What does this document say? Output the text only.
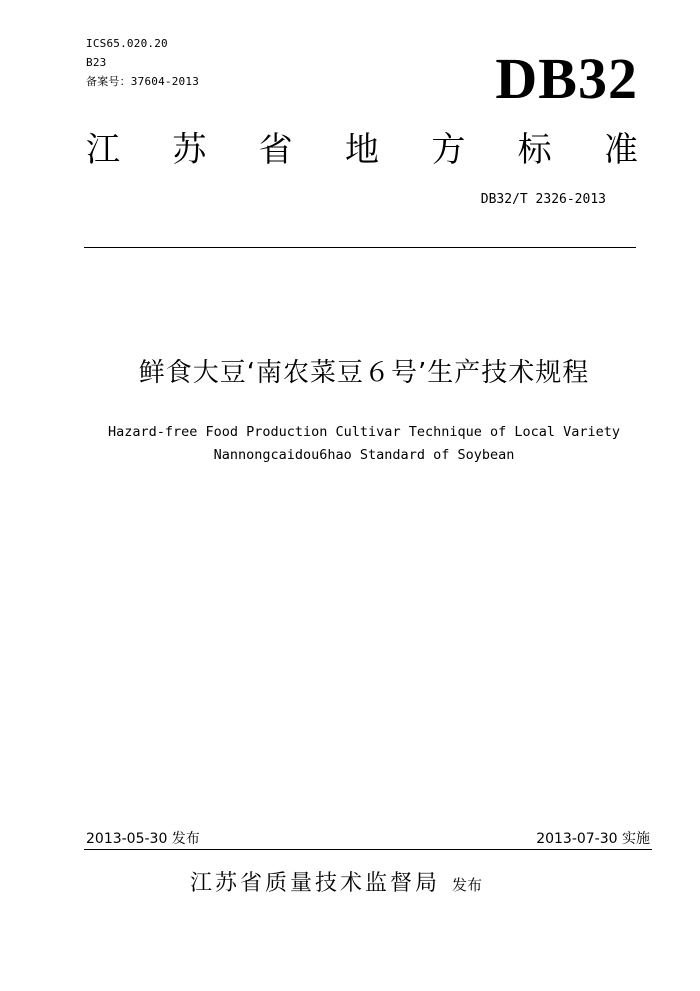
ICS65.020.20
B23
备案号：37604-2013	DB32
江 苏 省 地 方 标 准
DB32/T 2326-2013
鲜食大豆‘南农菜豆６号’生产技术规程
Hazard-free Food Production Cultivar Technique of Local Variety
Nannongcaidou6hao Standard of Soybean
2013-05-30 发布	2013-07-30 实施
江苏省质量技术监督局 发布
